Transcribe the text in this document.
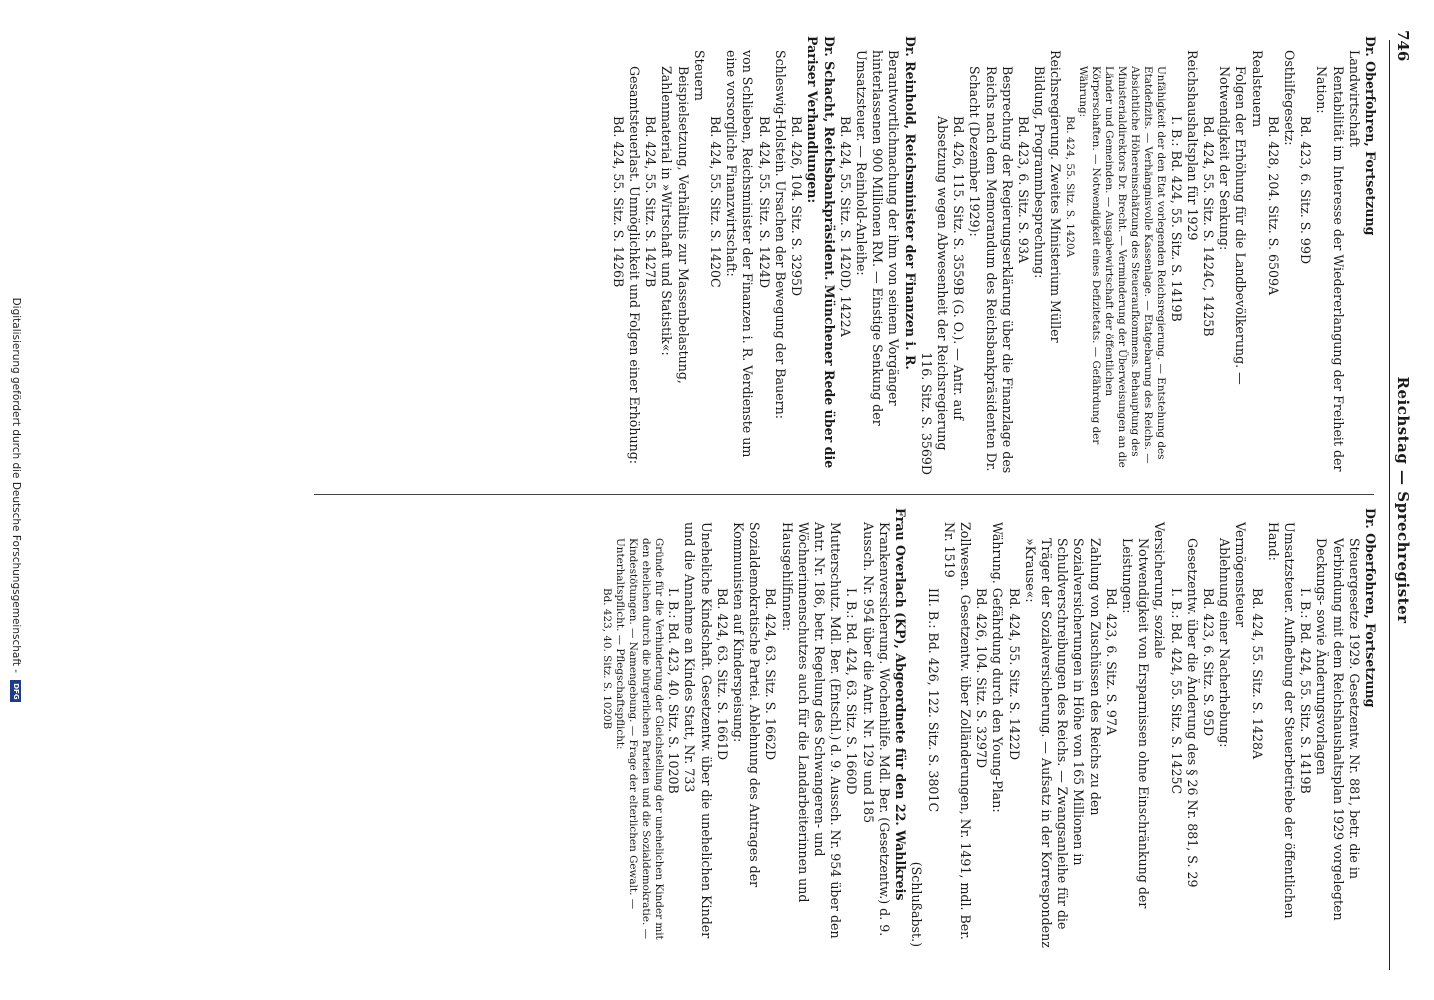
746
Reichstag — Sprechregister

Dr. Oberfohren, Fortsetzung

Landwirtschaft

Rentabilität im Interesse der Wiedererlangung der Freiheit der Nation:

Bd. 423, 6. Sitz. S. 99D

Osthilfegesetz:

Bd. 428, 204. Sitz. S. 6509A

Realsteuern

Folgen der Erhöhung für die Landbevölkerung. — Notwendigkeit der Senkung:

Bd. 424, 55. Sitz. S. 1424C, 1425B

Reichshaushaltsplan für 1929

I. B.: Bd. 424, 55. Sitz. S. 1419B

Unfähigkeit der den Etat vorlegenden Reichsregierung. — Entstehung des Etatdefizits. — Verhängnisvolle Kassenlage. — Etatgebarung des Reichs. — Absichtliche Höhereinschätzung des Steueraufkommens. Behauptung des Ministerialdirektors Dr. Brecht. — Verminderung der Überweisungen an die Länder und Gemeinden. — Ausgabewirtschaft der öffentlichen Körperschaften. — Notwendigkeit eines Defizitetats. — Gefährdung der Währung:

Bd. 424, 55. Sitz. S. 1420A

Reichsregierung. Zweites Ministerium Müller

Bildung, Programmbesprechung:

Bd. 423, 6. Sitz. S. 93A

Besprechung der Regierungserklärung über die Finanzlage des Reichs nach dem Memorandum des Reichsbankpräsidenten Dr. Schacht (Dezember 1929):

Bd. 426, 115. Sitz. S. 3559B (G. O.). — Antr. auf Absetzung wegen Abwesenheit der Reichsregierung

116. Sitz. S. 3569D

Dr. Reinhold, Reichsminister der Finanzen i. R.

Berantwortlichmachung der ihm von seinem Vorgänger hinterlassenen 900 Millionen RM. — Einstige Senkung der Umsatzsteuer. — Reinhold-Anleihe:

Bd. 424, 55. Sitz. S. 1420D, 1422A

Dr. Schacht, Reichsbankpräsident. Münchener Rede über die Pariser Verhandlungen:

Bd. 426, 104. Sitz. S. 3295D

Schleswig-Holstein. Ursachen der Bewegung der Bauern:

Bd. 424, 55. Sitz. S. 1424D

von Schlieben, Reichsminister der Finanzen i. R. Verdienste um eine vorsorgliche Finanzwirtschaft:

Bd. 424, 55. Sitz. S. 1420C

Steuern

Beispielsetzung, Verhältnis zur Massenbelastung, Zahlenmaterial in »Wirtschaft und Statistik«:

Bd. 424, 55. Sitz. S. 1427B

Gesamtsteuerlast. Unmöglichkeit und Folgen einer Erhöhung:

Bd. 424, 55. Sitz. S. 1426B

Dr. Oberfohren, Fortsetzung

Steuergesetze 1929. Gesetzentw. Nr. 881, betr. die in Verbindung mit dem Reichshaushaltsplan 1929 vorgelegten Deckungs- sowie Änderungsvorlagen

I. B.: Bd. 424, 55. Sitz. S. 1419B

Umsatzsteuer. Aufhebung der Steuerbetriebe der öffentlichen Hand:

Bd. 424, 55. Sitz. S. 1428A

Vermögensteuer

Ablehnung einer Nacherhebung:

Bd. 423, 6. Sitz. S. 95D

Gesetzentw. über die Änderung des § 26 Nr. 881, S. 29

I. B.: Bd. 424, 55. Sitz. S. 1425C

Versicherung, soziale

Notwendigkeit von Ersparnissen ohne Einschränkung der Leistungen:

Bd. 423, 6. Sitz. S. 97A

Zahlung von Zuschüssen des Reichs zu den Sozialversicherungen in Höhe von 165 Millionen in Schuldverschreibungen des Reichs. — Zwangsanleihe für die Träger der Sozialversicherung. — Aufsatz in der Korrespondenz »Krause«:

Bd. 424, 55. Sitz. S. 1422D

Währung. Gefährdung durch den Young-Plan:

Bd. 426, 104. Sitz. S. 3297D

Zollwesen. Gesetzentw. über Zolländerungen, Nr. 1491, mdl. Ber. Nr. 1519

III. B.: Bd. 426, 122. Sitz. S. 3801C

(Schlußabst.)

Frau Overlach (KP), Abgeordnete für den 22. Wahlkreis

Krankenversicherung. Wochenhilfe. Mdl. Ber. (Gesetzentw.) d. 9. Aussch. Nr. 954 über die Antr. Nr. 129 und 185

I. B.: Bd. 424, 63. Sitz. S. 1660D

Mutterschutz. Mdl. Ber. (Entschl.) d. 9. Aussch. Nr. 954 über den Antr. Nr. 186, betr. Regelung des Schwangeren- und Wöchnerinnenschutzes auch für die Landarbeiterinnen und Hausgehilfinnen:

Bd. 424, 63. Sitz. S. 1662D

Sozialdemokratische Partei. Ablehnung des Antrages der Kommunisten auf Kinderspeisung:

Bd. 424, 63. Sitz. S. 1661D

Uneheliche Kindschaft. Gesetzentw. über die unehelichen Kinder und die Annahme an Kindes Statt, Nr. 733

I. B.: Bd. 423, 40. Sitz. S. 1020B

Gründe für die Verhinderung der Gleichstellung der unehelichen Kinder mit den ehelichen durch die bürgerlichen Parteien und die Sozialdemokratie. — Kindestötungen. — Namengebung. — Frage der elterlichen Gewalt. — Unterhaltspflicht. — Pflegschaftspflicht:

Bd. 423, 40. Sitz. S. 1020B

Digitalisierung gefördert durch die Deutsche Forschungsgemeinschaft - DFG
